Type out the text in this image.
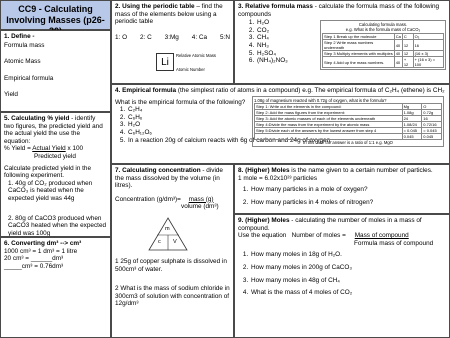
CC9 - Calculating Involving Masses (p26-
1. Define -
Formula mass
Atomic Mass
Empirical formula
Yield
2. Using the periodic table – find the mass of the elements below using a periodic table
1: O 2: C 3:Mg 4: Ca 5:N
Li
Relative Atomic Mass
Atomic Number
3. Relative formula mass - calculate the formula mass of the following compounds
1. H₂O
2. CO₂
3. CH₄
4. NH₃
5. H₂SO₄
6. (NH₄)₂NO₃
Calculating formula mass.
e.g. What is the formula mass of CaCO₃
Step 1 Break up the molecule	Ca	C	O₃
Step 2 Write mass numbers underneath	40	12	16
Step 3 Multiply elements with multiples	40	12	(16 x 3)
Step 4 Add up the mass numbers.	40	+ 12	+ (16 x 3) = 100
4. Empirical formula (the simplest ratio of atoms in a compound) e.g. The empirical formula of C₂H₄ (ethene) is CH₂
What is the empirical formula of the following?
1. C₂H₄
2. C₆H₆
3. H₂O
4. C₆H₁₂O₆
5. In a reaction 20g of calcium reacts with 6g of carbon and 24g of oxygen.
1.08g of magnesium reacted with 0.72g of oxygen, what is the formula?
Step 1: Write out the elements in the compound:	Mg	O
Step 2: Add the mass figures from the experiment:	1.08g	0.72g
Step 3: Add the atomic masses of each of the elements underneath	24	16
Step 4:Divide the mass from the experiment by the atomic mass	1.08/24	0.72/16
Step 5:Divide each of the answers by the lowest answer from step 4	= 0.045	= 0.045
	0.045	0.045
In this case the answer is a ratio of 1:1 e.g. MgO
5. Calculating % yield - identify two figures, the predicted yield and the actual yield the use the equation:
% Yield = Actual Yield x 100
Predicted yield
Calculate predicted yield in the following experiment.
1. 40g of CO₂ produced when CaCO₃ is heated when the expected yield was 44g
2. 80g of CaCO3 produced when CaCO3 heated when the expected yield was 100g
6. Converting dm³ --> cm³
1000 cm³ = 1 dm³ = 1 litre
20 cm³ = ______dm³
_____cm³ = 0.76dm³
7. Calculating concentration - divide the mass dissolved by the volume (in litres).
Concentration (g/dm³)= mass (g)
volume (dm³)
m
c V
1 25g of copper sulphate is dissolved in 500cm³ of water.
2 What is the mass of sodium chloride in 300cm3 of solution with concentration of 12g/dm³
8. (Higher) Moles is the name given to a certain number of particles.
1 mole = 6.02x10²³ particles
1. How many particles in a mole of oxygen?
2. How many particles in 4 moles of nitrogen?
9. (Higher) Moles - calculating the number of moles in a mass of compound.
Use the equation Number of moles = Mass of compound
Formula mass of compound
1. How many moles in 18g of H₂O.
2. How many moles in 200g of CaCO₃
3. How many moles in 48g of CH₄
4. What is the mass of 4 moles of CO₂
